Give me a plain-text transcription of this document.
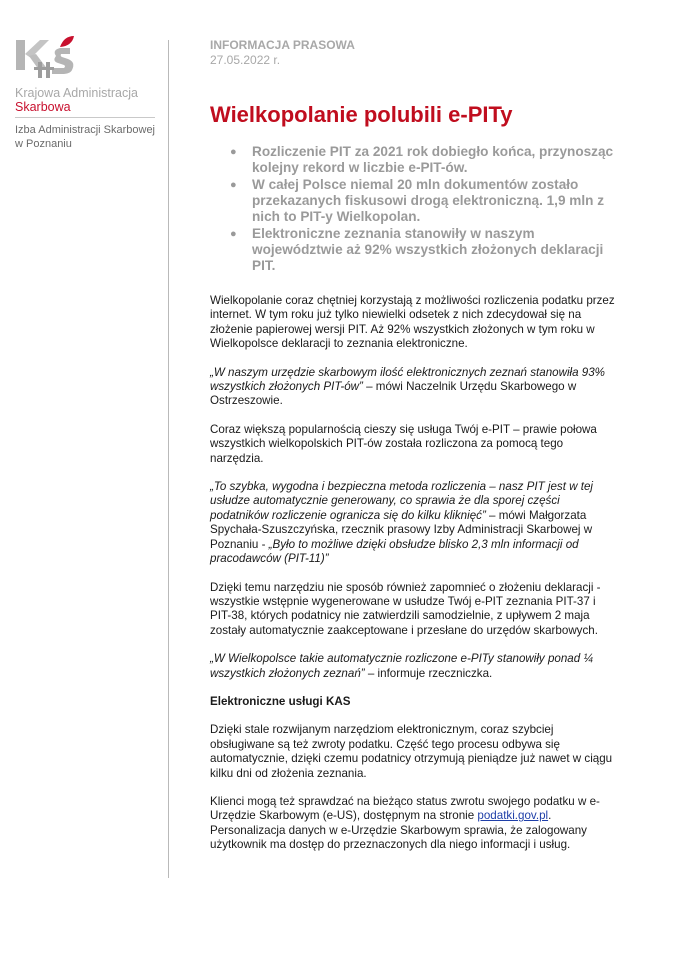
Krajowa Administracja
Skarbowa
Izba Administracji Skarbowej w Poznaniu
INFORMACJA PRASOWA
27.05.2022 r.
Wielkopolanie polubili e-PITy
● Rozliczenie PIT za 2021 rok dobiegło końca, przynosząc kolejny rekord w liczbie e-PIT-ów.
● W całej Polsce niemal 20 mln dokumentów zostało przekazanych fiskusowi drogą elektroniczną. 1,9 mln z nich to PIT-y Wielkopolan.
● Elektroniczne zeznania stanowiły w naszym województwie aż 92% wszystkich złożonych deklaracji PIT.

Wielkopolanie coraz chętniej korzystają z możliwości rozliczenia podatku przez internet. W tym roku już tylko niewielki odsetek z nich zdecydował się na złożenie papierowej wersji PIT. Aż 92% wszystkich złożonych w tym roku w Wielkopolsce deklaracji to zeznania elektroniczne.

„W naszym urzędzie skarbowym ilość elektronicznych zeznań stanowiła 93% wszystkich złożonych PIT-ów” – mówi Naczelnik Urzędu Skarbowego w Ostrzeszowie.

Coraz większą popularnością cieszy się usługa Twój e-PIT – prawie połowa wszystkich wielkopolskich PIT-ów została rozliczona za pomocą tego narzędzia.

„To szybka, wygodna i bezpieczna metoda rozliczenia – nasz PIT jest w tej usłudze automatycznie generowany, co sprawia że dla sporej części podatników rozliczenie ogranicza się do kilku kliknięć” – mówi Małgorzata Spychała-Szuszczyńska, rzecznik prasowy Izby Administracji Skarbowej w Poznaniu - „Było to możliwe dzięki obsłudze blisko 2,3 mln informacji od pracodawców (PIT-11)”

Dzięki temu narzędziu nie sposób również zapomnieć o złożeniu deklaracji - wszystkie wstępnie wygenerowane w usłudze Twój e-PIT zeznania PIT-37 i PIT-38, których podatnicy nie zatwierdzili samodzielnie, z upływem 2 maja zostały automatycznie zaakceptowane i przesłane do urzędów skarbowych.

„W Wielkopolsce takie automatycznie rozliczone e-PITy stanowiły ponad ¼ wszystkich złożonych zeznań” – informuje rzeczniczka.

Elektroniczne usługi KAS

Dzięki stale rozwijanym narzędziom elektronicznym, coraz szybciej obsługiwane są też zwroty podatku. Część tego procesu odbywa się automatycznie, dzięki czemu podatnicy otrzymują pieniądze już nawet w ciągu kilku dni od złożenia zeznania.

Klienci mogą też sprawdzać na bieżąco status zwrotu swojego podatku w e-Urzędzie Skarbowym (e-US), dostępnym na stronie podatki.gov.pl. Personalizacja danych w e-Urzędzie Skarbowym sprawia, że zalogowany użytkownik ma dostęp do przeznaczonych dla niego informacji i usług.
